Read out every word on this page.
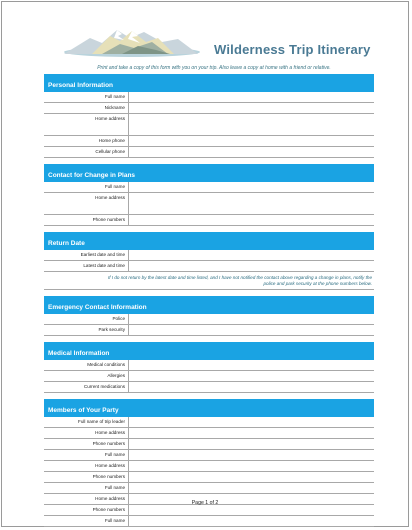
Wilderness Trip Itinerary
Print and take a copy of this form with you on your trip. Also leave a copy at home with a friend or relative.
Personal Information
Full name
Nickname
Home address
Home phone
Cellular phone
Contact for Change in Plans
Full name
Home address
Phone numbers
Return Date
Earliest date and time
Latest date and time
If I do not return by the latest date and time listed, and I have not notified the contact above regarding a change in plans, notify the police and park security at the phone numbers below.
Emergency Contact Information
Police
Park security
Medical Information
Medical conditions
Allergies
Current medications
Members of Your Party
Full name of trip leader
Home address
Phone numbers
Full name
Home address
Phone numbers
Full name
Home address
Phone numbers
Full name
Page 1 of 2
